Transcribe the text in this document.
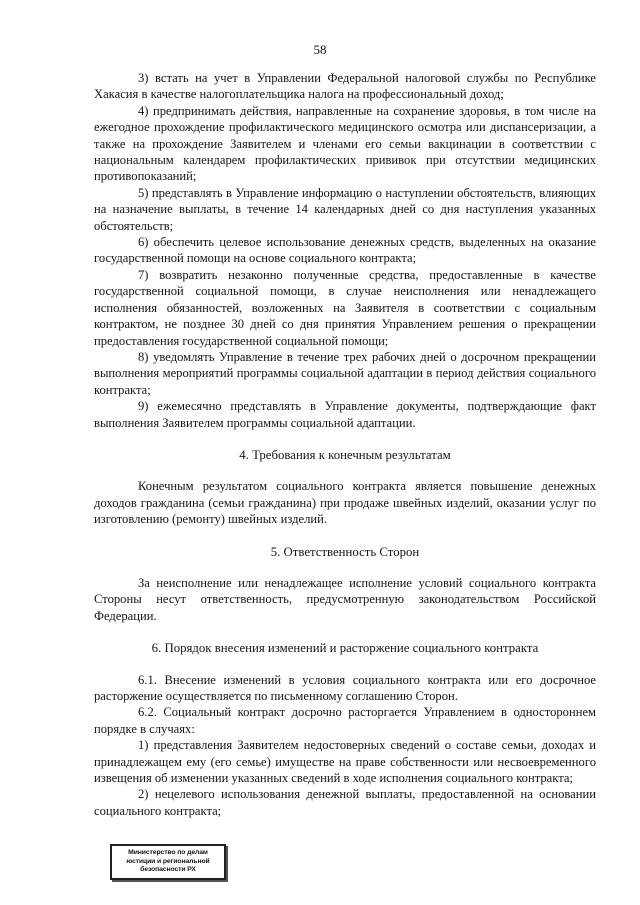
58

3) встать на учет в Управлении Федеральной налоговой службы по Республике Хакасия в качестве налогоплательщика налога на профессиональный доход;

4) предпринимать действия, направленные на сохранение здоровья, в том числе на ежегодное прохождение профилактического медицинского осмотра или диспансеризации, а также на прохождение Заявителем и членами его семьи вакцинации в соответствии с национальным календарем профилактических прививок при отсутствии медицинских противопоказаний;

5) представлять в Управление информацию о наступлении обстоятельств, влияющих на назначение выплаты, в течение 14 календарных дней со дня наступления указанных обстоятельств;

6) обеспечить целевое использование денежных средств, выделенных на оказание государственной помощи на основе социального контракта;

7) возвратить незаконно полученные средства, предоставленные в качестве государственной социальной помощи, в случае неисполнения или ненадлежащего исполнения обязанностей, возложенных на Заявителя в соответствии с социальным контрактом, не позднее 30 дней со дня принятия Управлением решения о прекращении предоставления государственной социальной помощи;

8) уведомлять Управление в течение трех рабочих дней о досрочном прекращении выполнения мероприятий программы социальной адаптации в период действия социального контракта;

9) ежемесячно представлять в Управление документы, подтверждающие факт выполнения Заявителем программы социальной адаптации.

4. Требования к конечным результатам

Конечным результатом социального контракта является повышение денежных доходов гражданина (семьи гражданина) при продаже швейных изделий, оказании услуг по изготовлению (ремонту) швейных изделий.

5. Ответственность Сторон

За неисполнение или ненадлежащее исполнение условий социального контракта Стороны несут ответственность, предусмотренную законодательством Российской Федерации.

6. Порядок внесения изменений и расторжение социального контракта

6.1. Внесение изменений в условия социального контракта или его досрочное расторжение осуществляется по письменному соглашению Сторон.

6.2. Социальный контракт досрочно расторгается Управлением в одностороннем порядке в случаях:

1) представления Заявителем недостоверных сведений о составе семьи, доходах и принадлежащем ему (его семье) имуществе на праве собственности или несвоевременного извещения об изменении указанных сведений в ходе исполнения социального контракта;

2) нецелевого использования денежной выплаты, предоставленной на основании социального контракта;

Министерство по делам
юстиции и региональной
безопасности РХ
